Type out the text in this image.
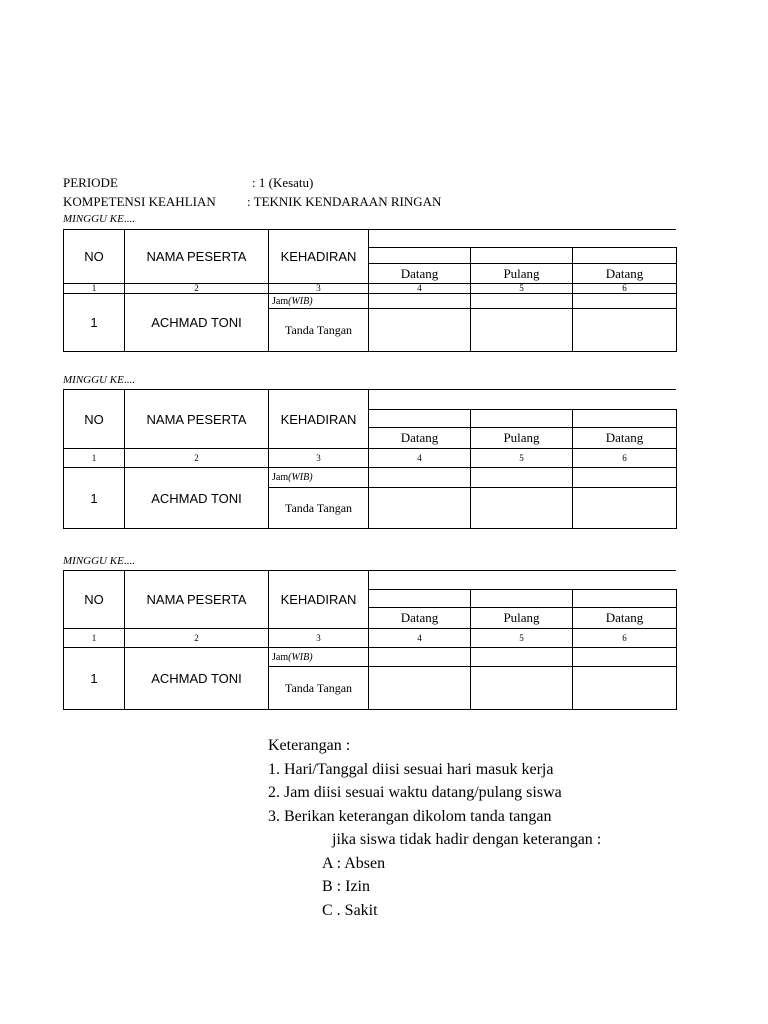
PERIODE	: 1 (Kesatu)
KOMPETENSI KEAHLIAN : TEKNIK KENDARAAN RINGAN
MINGGU KE....
NO	NAMA PESERTA	KEHADIRAN			

			Datang	Pulang	Datang
1	2	3	4	5	6
1	ACHMAD TONI	Jam(WIB)			
		Tanda Tangan			
MINGGU KE....
NO	NAMA PESERTA	KEHADIRAN			

			Datang	Pulang	Datang
1	2	3	4	5	6
1	ACHMAD TONI	Jam(WIB)			
		Tanda Tangan			
MINGGU KE....
NO	NAMA PESERTA	KEHADIRAN			

			Datang	Pulang	Datang
1	2	3	4	5	6
1	ACHMAD TONI	Jam(WIB)			
		Tanda Tangan			
Keterangan :
1. Hari/Tanggal diisi sesuai hari masuk kerja
2. Jam diisi sesuai waktu datang/pulang siswa
3. Berikan keterangan dikolom tanda tangan
jika siswa tidak hadir dengan keterangan :
A : Absen
B : Izin
C . Sakit
